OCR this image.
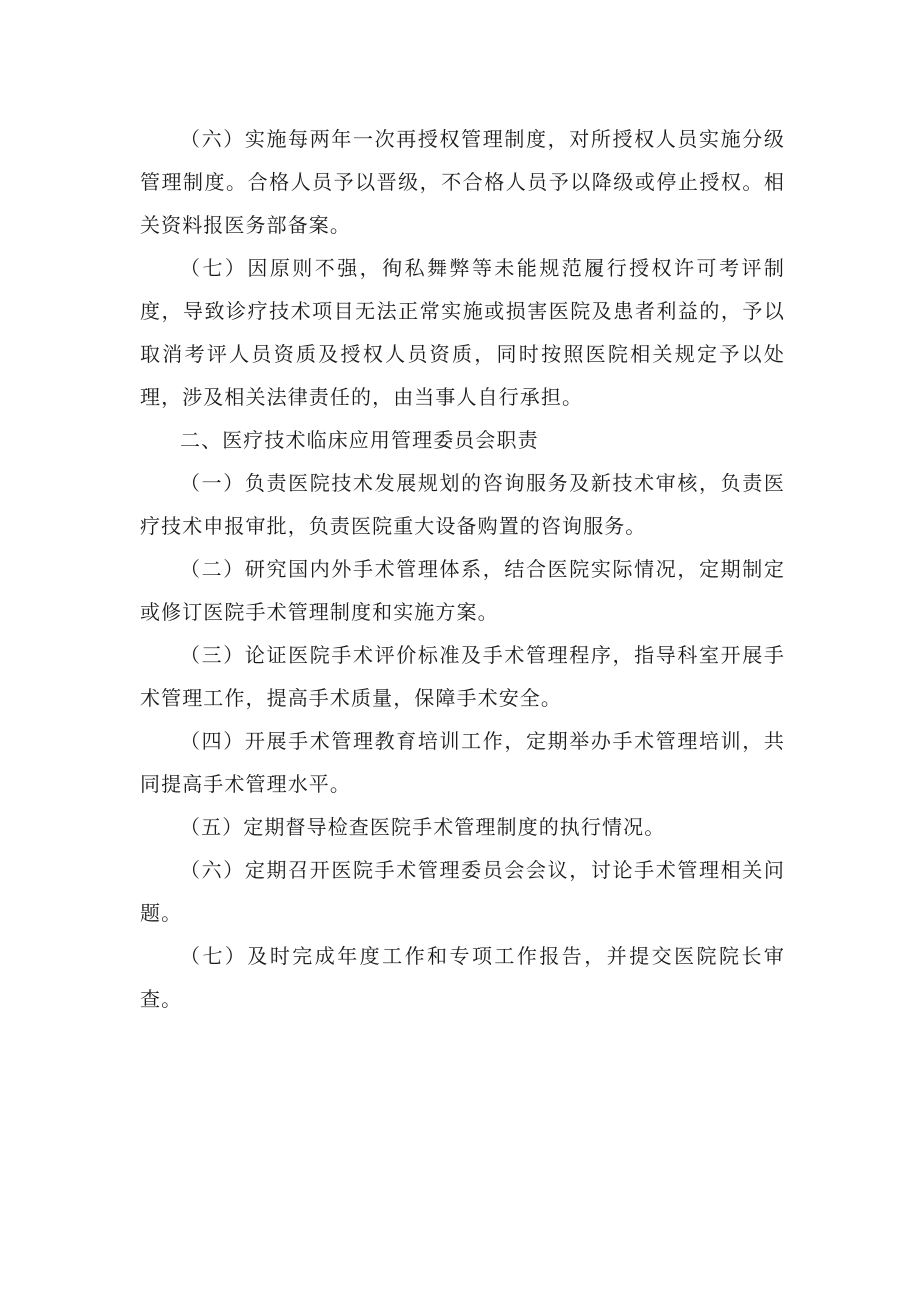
（六）实施每两年一次再授权管理制度，对所授权人员实施分级管理制度。合格人员予以晋级，不合格人员予以降级或停止授权。相关资料报医务部备案。

（七）因原则不强，徇私舞弊等未能规范履行授权许可考评制度，导致诊疗技术项目无法正常实施或损害医院及患者利益的，予以取消考评人员资质及授权人员资质，同时按照医院相关规定予以处理，涉及相关法律责任的，由当事人自行承担。

二、医疗技术临床应用管理委员会职责

（一）负责医院技术发展规划的咨询服务及新技术审核，负责医疗技术申报审批，负责医院重大设备购置的咨询服务。

（二）研究国内外手术管理体系，结合医院实际情况，定期制定或修订医院手术管理制度和实施方案。

（三）论证医院手术评价标准及手术管理程序，指导科室开展手术管理工作，提高手术质量，保障手术安全。

（四）开展手术管理教育培训工作，定期举办手术管理培训，共同提高手术管理水平。

（五）定期督导检查医院手术管理制度的执行情况。

（六）定期召开医院手术管理委员会会议，讨论手术管理相关问题。

（七）及时完成年度工作和专项工作报告，并提交医院院长审查。
